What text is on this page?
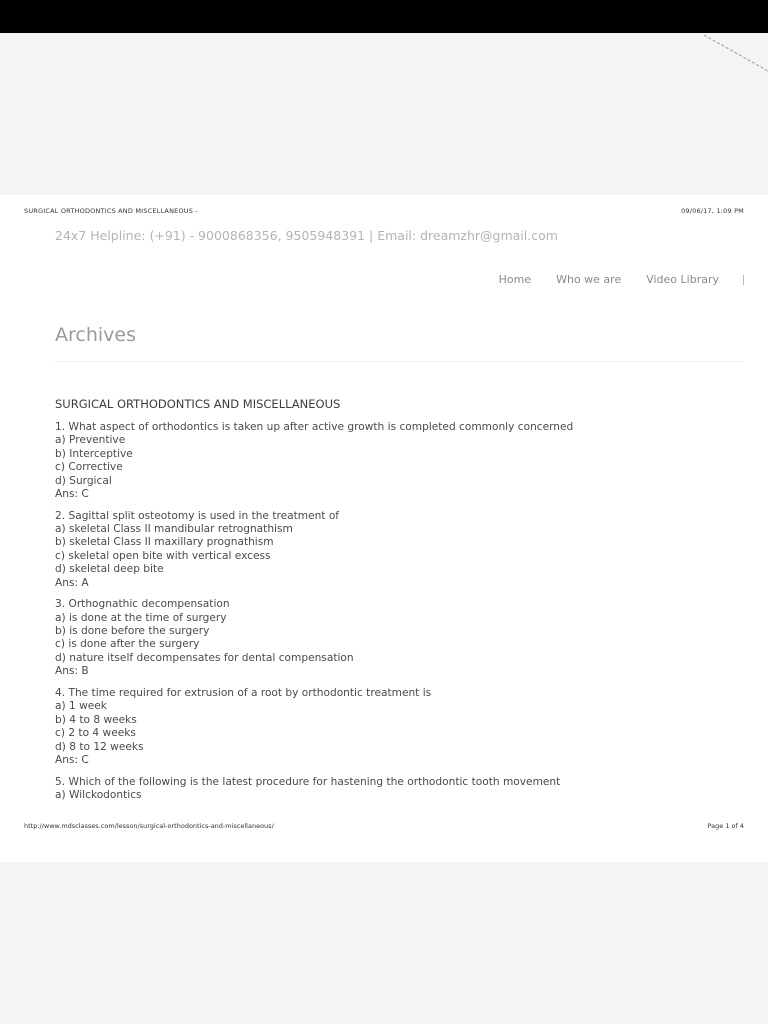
SURGICAL ORTHODONTICS AND MISCELLANEOUS -	09/06/17, 1:09 PM
24x7 Helpline: (+91) - 9000868356, 9505948391 | Email: dreamzhr@gmail.com
Home Who we are Video Library
Archives
SURGICAL ORTHODONTICS AND MISCELLANEOUS
1. What aspect of orthodontics is taken up after active growth is completed commonly concerned
a) Preventive
b) Interceptive
c) Corrective
d) Surgical
Ans: C
2. Sagittal split osteotomy is used in the treatment of
a) skeletal Class II mandibular retrognathism
b) skeletal Class II maxillary prognathism
c) skeletal open bite with vertical excess
d) skeletal deep bite
Ans: A
3. Orthognathic decompensation
a) is done at the time of surgery
b) is done before the surgery
c) is done after the surgery
d) nature itself decompensates for dental compensation
Ans: B
4. The time required for extrusion of a root by orthodontic treatment is
a) 1 week
b) 4 to 8 weeks
c) 2 to 4 weeks
d) 8 to 12 weeks
Ans: C
5. Which of the following is the latest procedure for hastening the orthodontic tooth movement
a) Wilckodontics
http://www.mdsclasses.com/lesson/surgical-orthodontics-and-miscellaneous/	Page 1 of 4
